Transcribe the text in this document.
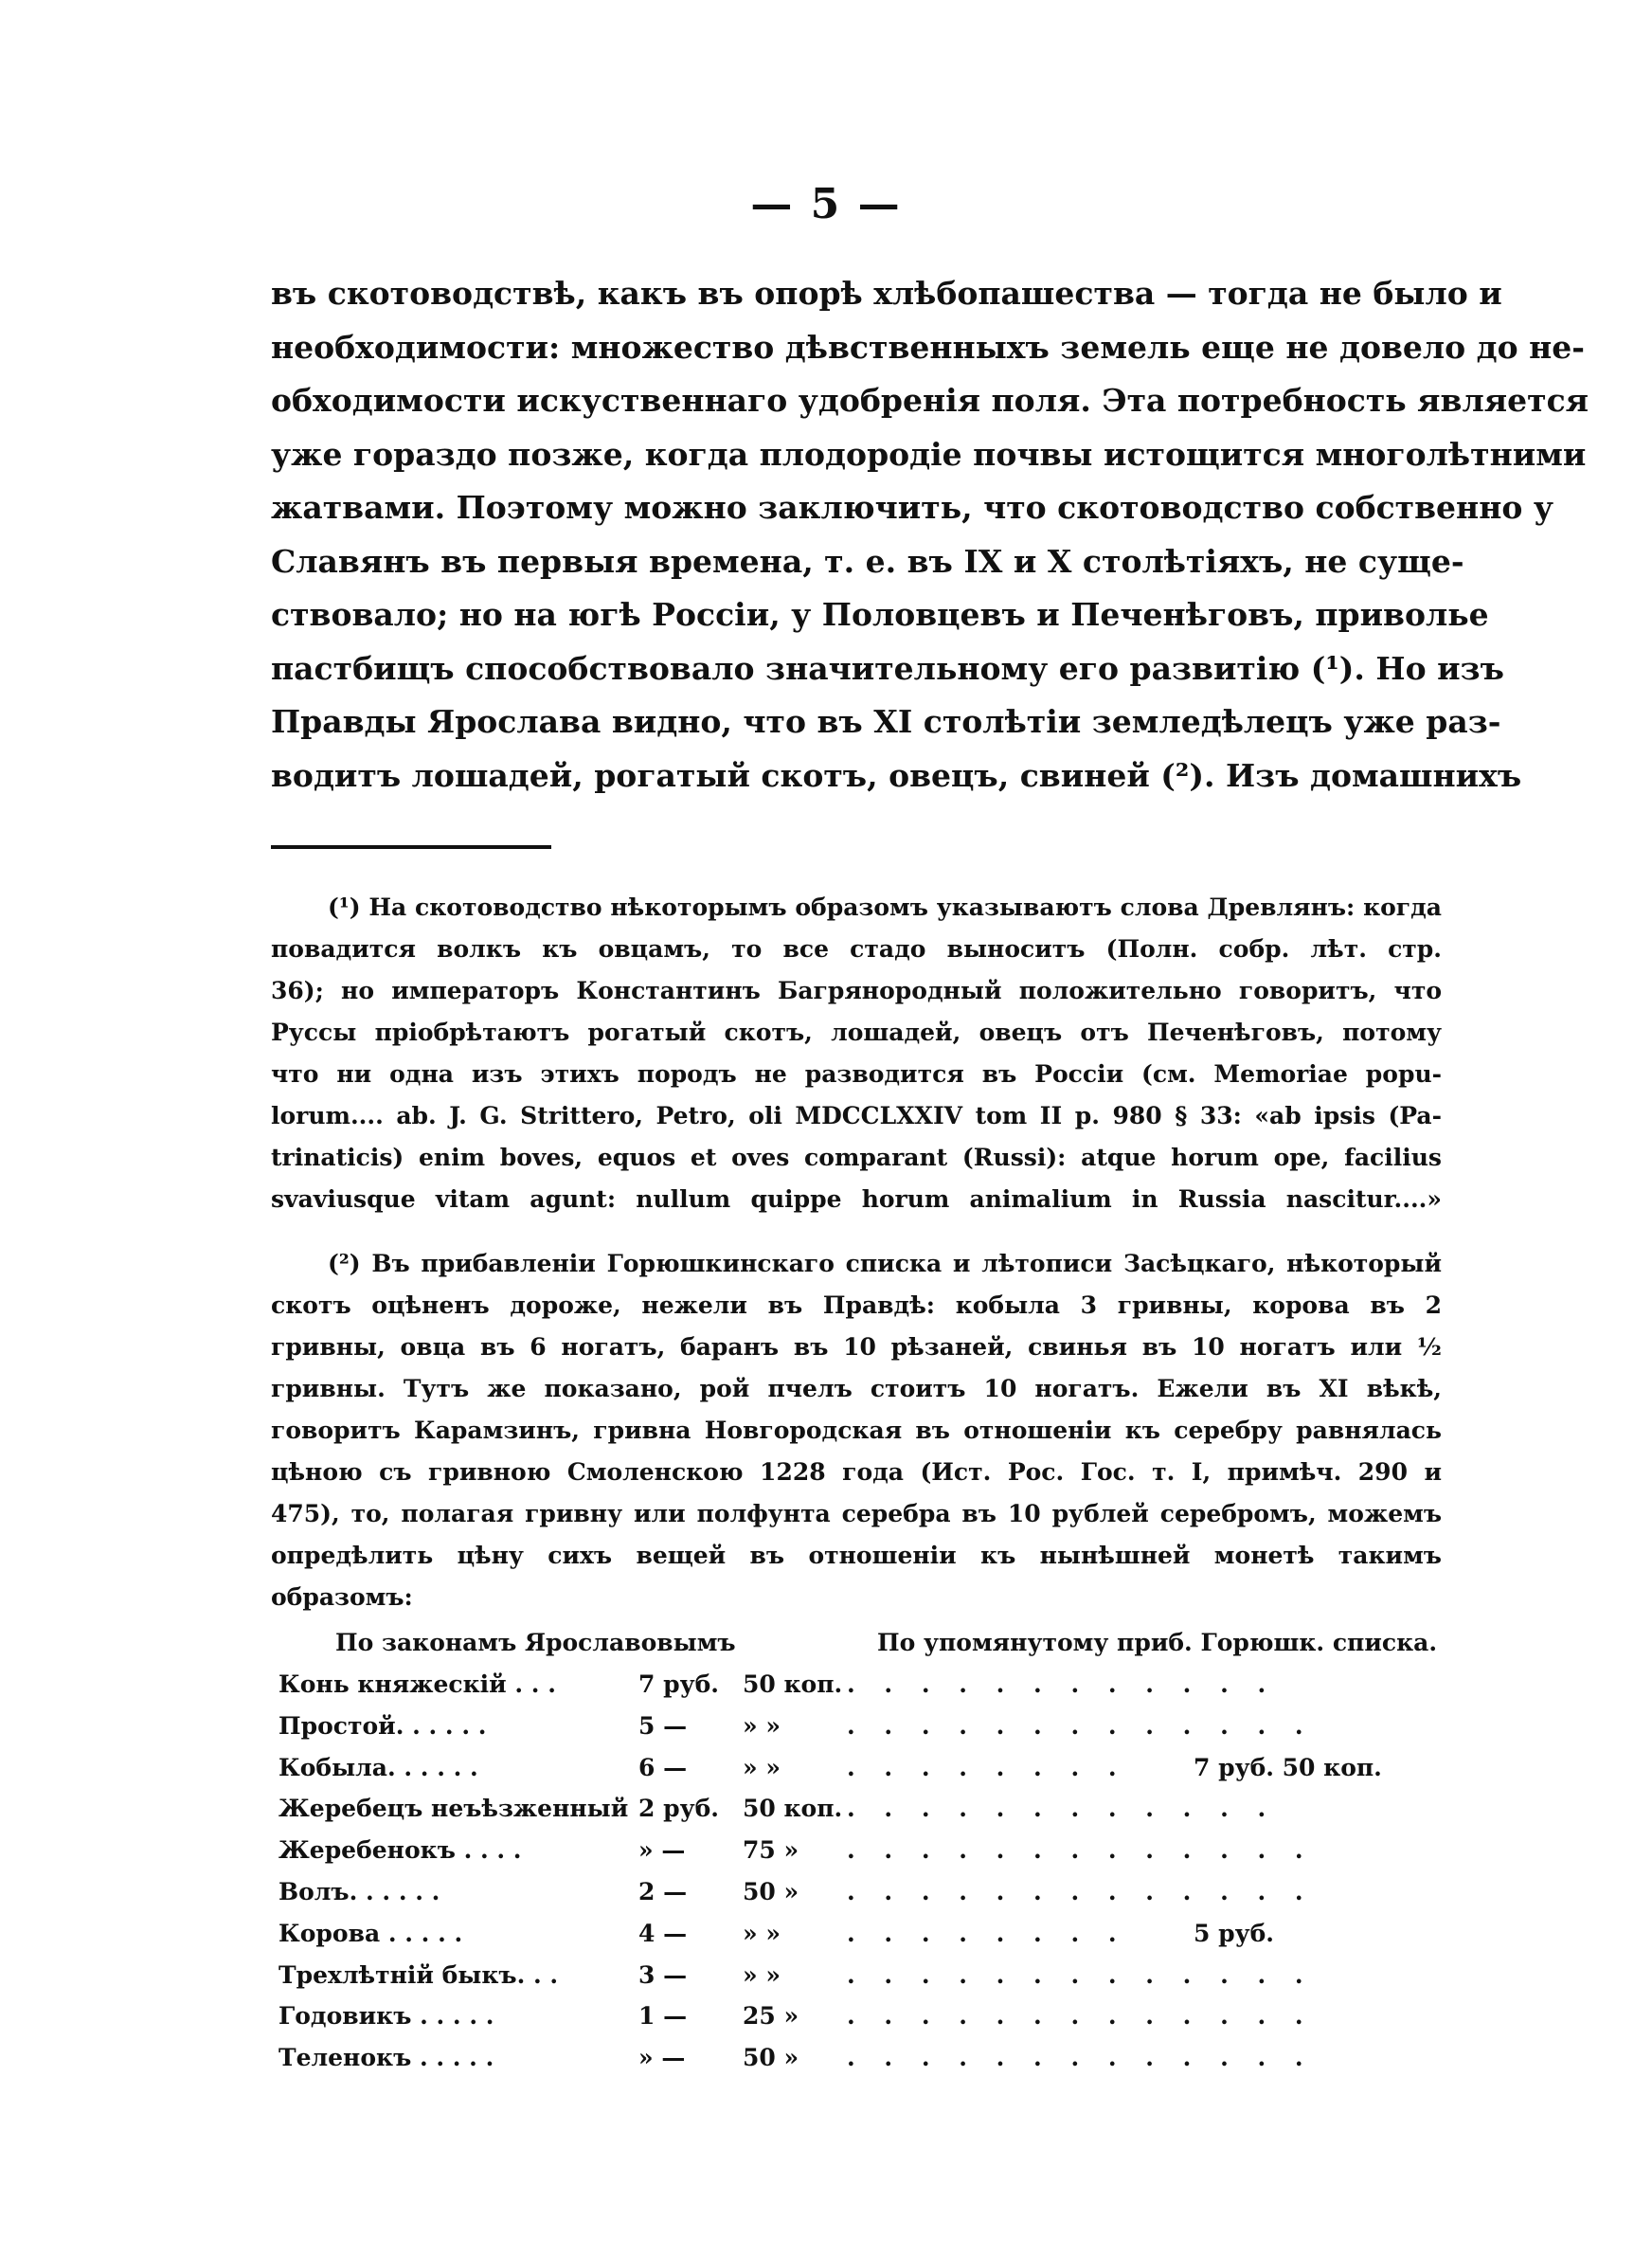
— 5 —
въ скотоводствѣ, какъ въ опорѣ хлѣбопашества — тогда не было и
необходимости: множество дѣвственныхъ земель еще не довело до не-
обходимости искуственнаго удобренія поля. Эта потребность является
уже гораздо позже, когда плодородіе почвы истощится многолѣтними
жатвами. Поэтому можно заключить, что скотоводство собственно у
Славянъ въ первыя времена, т. е. въ IX и X столѣтіяхъ, не суще-
ствовало; но на югѣ Россіи, у Половцевъ и Печенѣговъ, приволье
пастбищъ способствовало значительному его развитію (¹). Но изъ
Правды Ярослава видно, что въ XI столѣтіи земледѣлецъ уже раз-
водитъ лошадей, рогатый скотъ, овецъ, свиней (²). Изъ домашнихъ
(¹) На скотоводство нѣкоторымъ образомъ указываютъ слова Древлянъ: когда
повадится волкъ къ овцамъ, то все стадо выноситъ (Полн. собр. лѣт. стр.
36); но императоръ Константинъ Багрянородный положительно говоритъ, что
Руссы пріобрѣтаютъ рогатый скотъ, лошадей, овецъ отъ Печенѣговъ, потому
что ни одна изъ этихъ породъ не разводится въ Россіи (см. Memoriae popu-
lorum.... ab. J. G. Strittero, Petro, oli MDCCLXXIV tom II p. 980 § 33: «ab ipsis (Pa-
trinaticis) enim boves, equos et oves comparant (Russi): atque horum ope, facilius
svaviusque vitam agunt: nullum quippe horum animalium in Russia nascitur....»
(²) Въ прибавленіи Горюшкинскаго списка и лѣтописи Засѣцкаго, нѣкоторый
скотъ оцѣненъ дороже, нежели въ Правдѣ: кобыла 3 гривны, корова въ 2
гривны, овца въ 6 ногатъ, баранъ въ 10 рѣзаней, свинья въ 10 ногатъ или ½
гривны. Тутъ же показано, рой пчелъ стоитъ 10 ногатъ. Ежели въ XI вѣкѣ,
говоритъ Карамзинъ, гривна Новгородская въ отношеніи къ серебру равнялась
цѣною съ гривною Смоленскою 1228 года (Ист. Рос. Гос. т. I, примѣч. 290 и
475), то, полагая гривну или полфунта серебра въ 10 рублей серебромъ, можемъ
опредѣлить цѣну сихъ вещей въ отношеніи къ нынѣшней монетѣ такимъ
образомъ:
По законамъ Ярославовымъ	По упомянутому приб. Горюшк. списка.
Конь княжескій . . .	7 руб.	50 коп. . . . . . . . . . . . .
Простой. . . . . .	5 —	» »	. . . . . . . . . . . . .
Кобыла. . . . . .	6 —	» »	. . . . . . . .	7 руб. 50 коп.
Жеребецъ неъѣзженный 2 руб.	50 коп. . . . . . . . . . . . .
Жеребенокъ . . . .	» —	75 »	. . . . . . . . . . . . .
Волъ. . . . . .	2 —	50 »	. . . . . . . . . . . . .
Корова . . . . .	4 —	» »	. . . . . . . .	5 руб.
Трехлѣтній быкъ. . .	3 —	» »	. . . . . . . . . . . . .
Годовикъ . . . . .	1 —	25 »	. . . . . . . . . . . . .
Теленокъ . . . . .	» —	50 »	. . . . . . . . . . . . .
